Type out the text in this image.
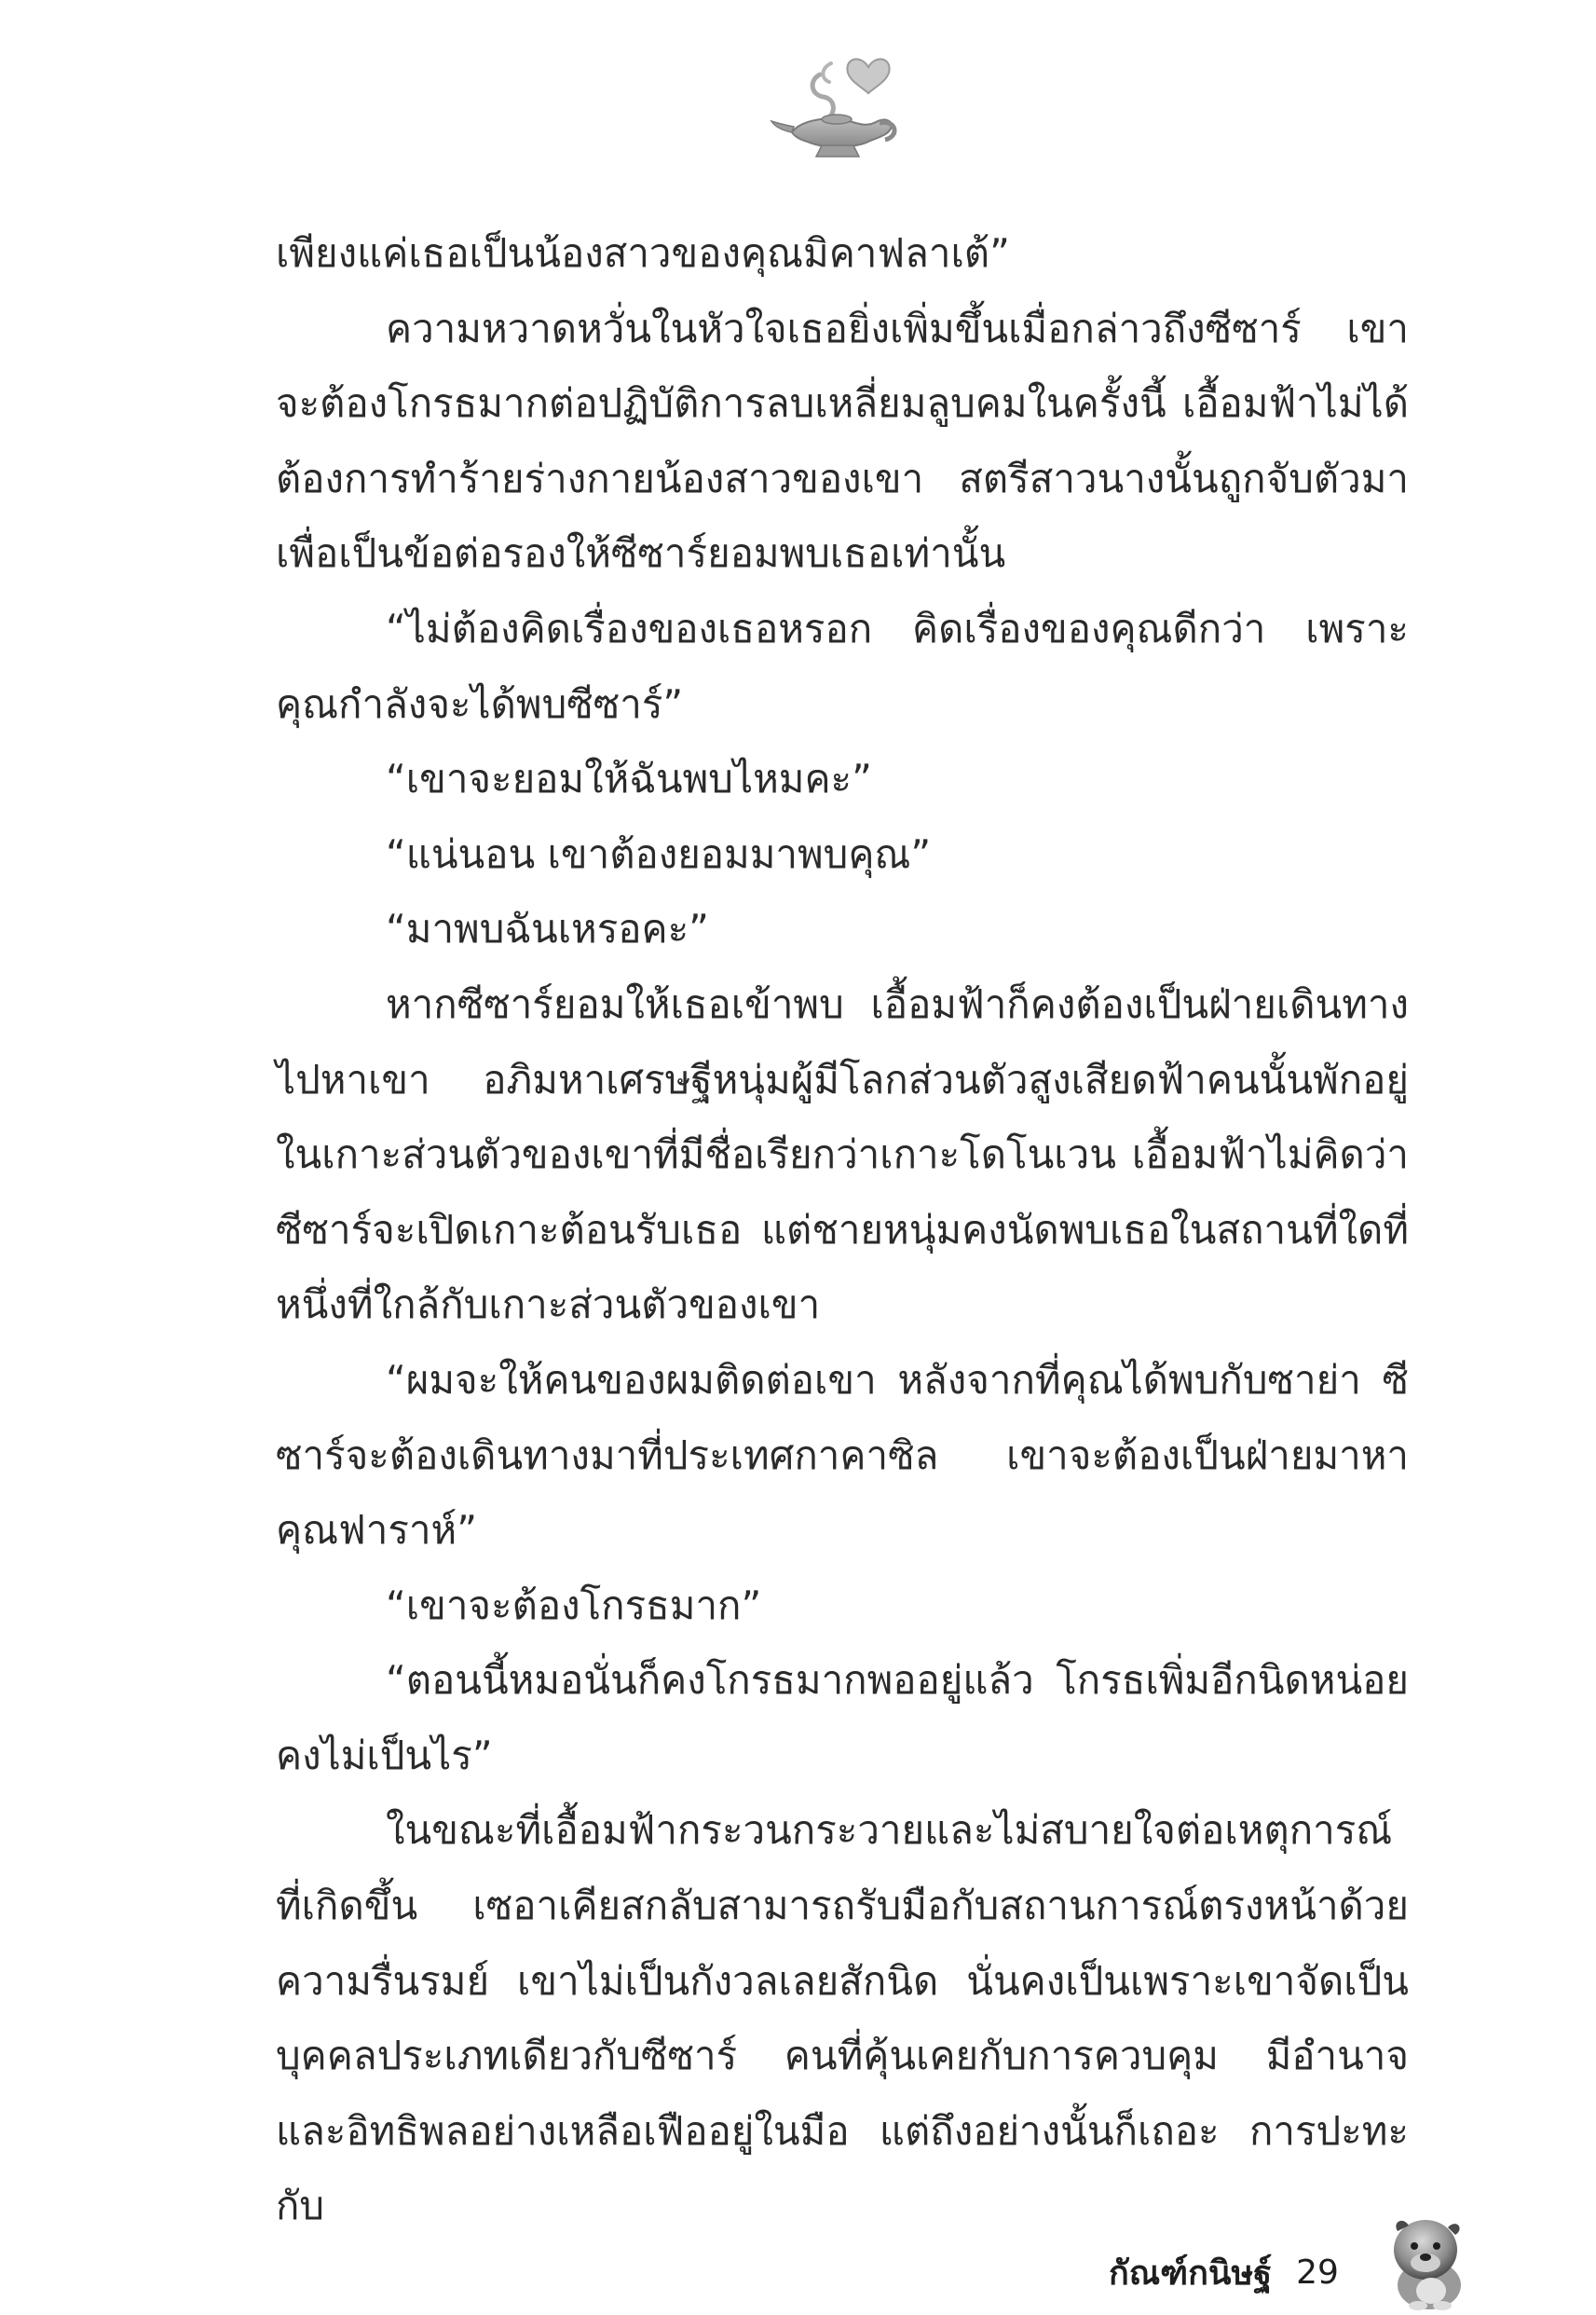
เพียงแค่เธอเป็นน้องสาวของคุณมิคาฟลาเต้”

ความหวาดหวั่นในหัวใจเธอยิ่งเพิ่มขึ้นเมื่อกล่าวถึงซีซาร์ เขาจะต้องโกรธมากต่อปฏิบัติการลบเหลี่ยมลูบคมในครั้งนี้ เอื้อมฟ้าไม่ได้ต้องการทำร้ายร่างกายน้องสาวของเขา สตรีสาวนางนั้นถูกจับตัวมาเพื่อเป็นข้อต่อรองให้ซีซาร์ยอมพบเธอเท่านั้น

“ไม่ต้องคิดเรื่องของเธอหรอก คิดเรื่องของคุณดีกว่า เพราะคุณกำลังจะได้พบซีซาร์”

“เขาจะยอมให้ฉันพบไหมคะ”

“แน่นอน เขาต้องยอมมาพบคุณ”

“มาพบฉันเหรอคะ”

หากซีซาร์ยอมให้เธอเข้าพบ เอื้อมฟ้าก็คงต้องเป็นฝ่ายเดินทางไปหาเขา อภิมหาเศรษฐีหนุ่มผู้มีโลกส่วนตัวสูงเสียดฟ้าคนนั้นพักอยู่ในเกาะส่วนตัวของเขาที่มีชื่อเรียกว่าเกาะโดโนเวน เอื้อมฟ้าไม่คิดว่าซีซาร์จะเปิดเกาะต้อนรับเธอ แต่ชายหนุ่มคงนัดพบเธอในสถานที่ใดที่หนึ่งที่ใกล้กับเกาะส่วนตัวของเขา

“ผมจะให้คนของผมติดต่อเขา หลังจากที่คุณได้พบกับซาย่า ซีซาร์จะต้องเดินทางมาที่ประเทศกาคาซิล เขาจะต้องเป็นฝ่ายมาหาคุณฟาราห์”

“เขาจะต้องโกรธมาก”

“ตอนนี้หมอนั่นก็คงโกรธมากพออยู่แล้ว โกรธเพิ่มอีกนิดหน่อยคงไม่เป็นไร”

ในขณะที่เอื้อมฟ้ากระวนกระวายและไม่สบายใจต่อเหตุการณ์ที่เกิดขึ้น เซอาเคียสกลับสามารถรับมือกับสถานการณ์ตรงหน้าด้วยความรื่นรมย์ เขาไม่เป็นกังวลเลยสักนิด นั่นคงเป็นเพราะเขาจัดเป็นบุคคลประเภทเดียวกับซีซาร์ คนที่คุ้นเคยกับการควบคุม มีอำนาจและอิทธิพลอย่างเหลือเฟืออยู่ในมือ แต่ถึงอย่างนั้นก็เถอะ การปะทะกับ

กัณฑ์กนิษฐ์ 29
